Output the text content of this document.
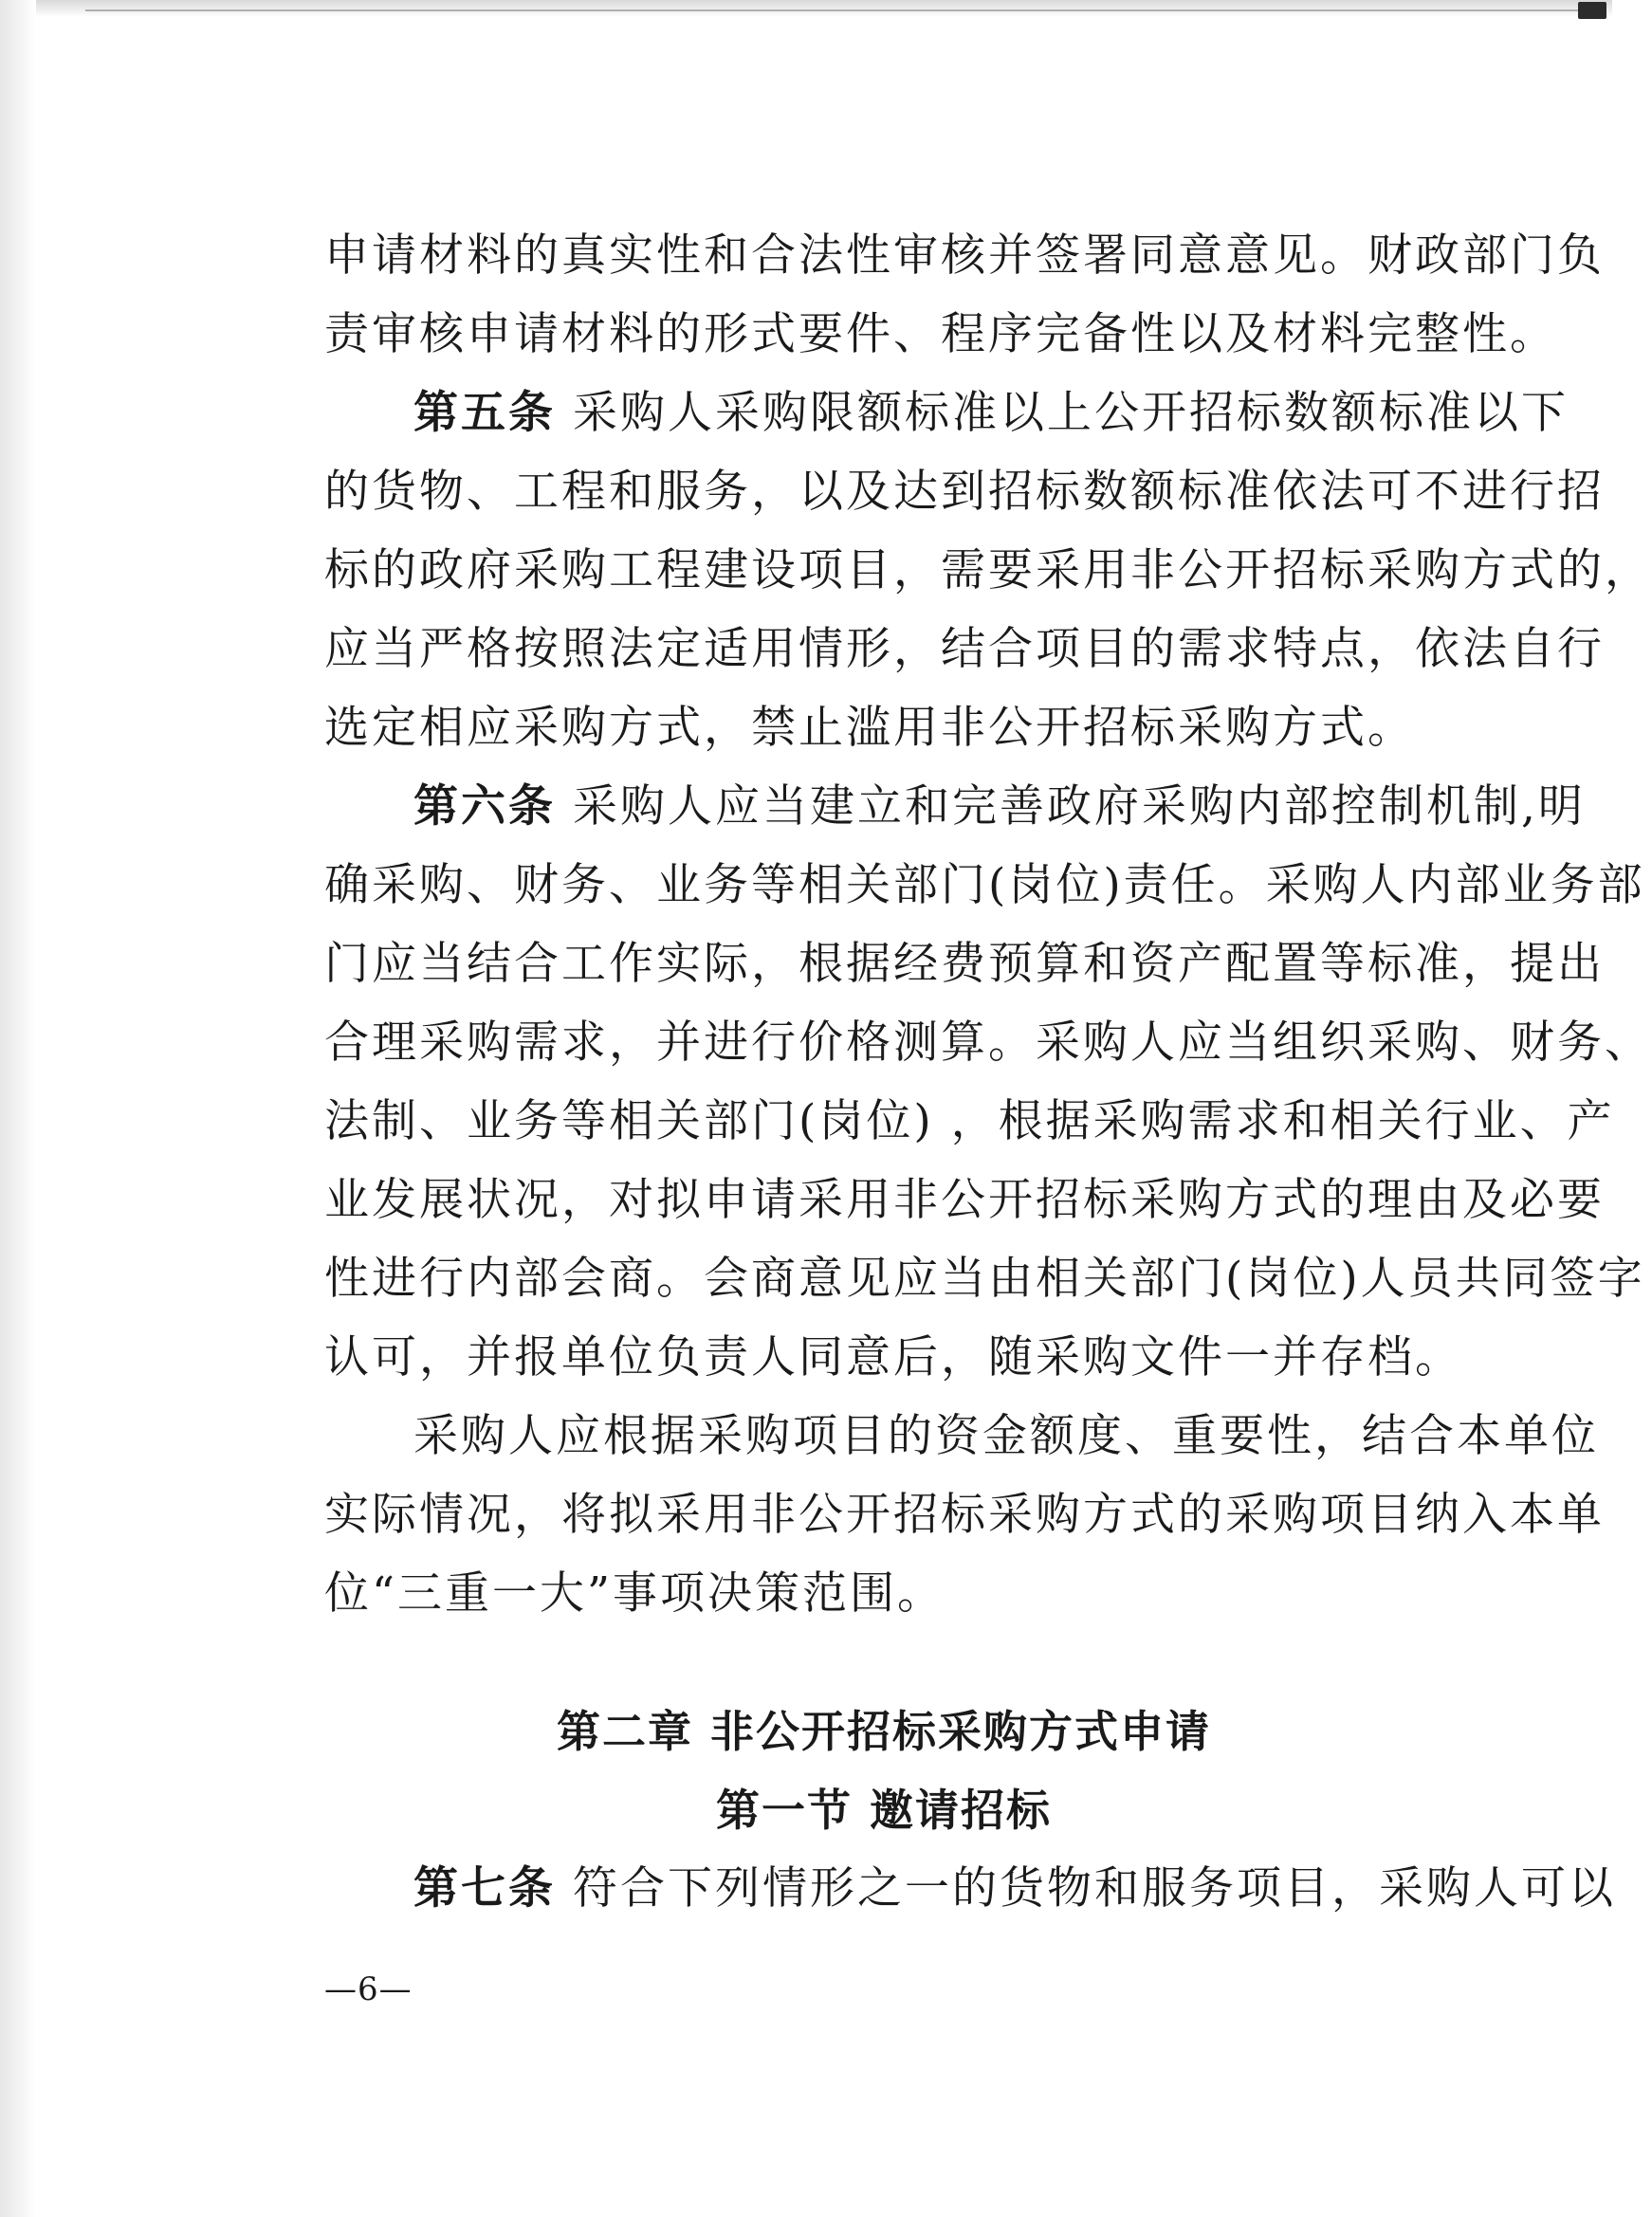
申请材料的真实性和合法性审核并签署同意意见。财政部门负
责审核申请材料的形式要件、程序完备性以及材料完整性。
第五条 采购人采购限额标准以上公开招标数额标准以下
的货物、工程和服务，以及达到招标数额标准依法可不进行招
标的政府采购工程建设项目，需要采用非公开招标采购方式的，
应当严格按照法定适用情形，结合项目的需求特点，依法自行
选定相应采购方式，禁止滥用非公开招标采购方式。
第六条 采购人应当建立和完善政府采购内部控制机制,明
确采购、财务、业务等相关部门(岗位)责任。采购人内部业务部
门应当结合工作实际，根据经费预算和资产配置等标准，提出
合理采购需求，并进行价格测算。采购人应当组织采购、财务、
法制、业务等相关部门(岗位) ，根据采购需求和相关行业、产
业发展状况，对拟申请采用非公开招标采购方式的理由及必要
性进行内部会商。会商意见应当由相关部门(岗位)人员共同签字
认可，并报单位负责人同意后，随采购文件一并存档。
采购人应根据采购项目的资金额度、重要性，结合本单位
实际情况，将拟采用非公开招标采购方式的采购项目纳入本单
位“三重一大”事项决策范围。
第二章 非公开招标采购方式申请
第一节 邀请招标
第七条 符合下列情形之一的货物和服务项目，采购人可以
—6—
